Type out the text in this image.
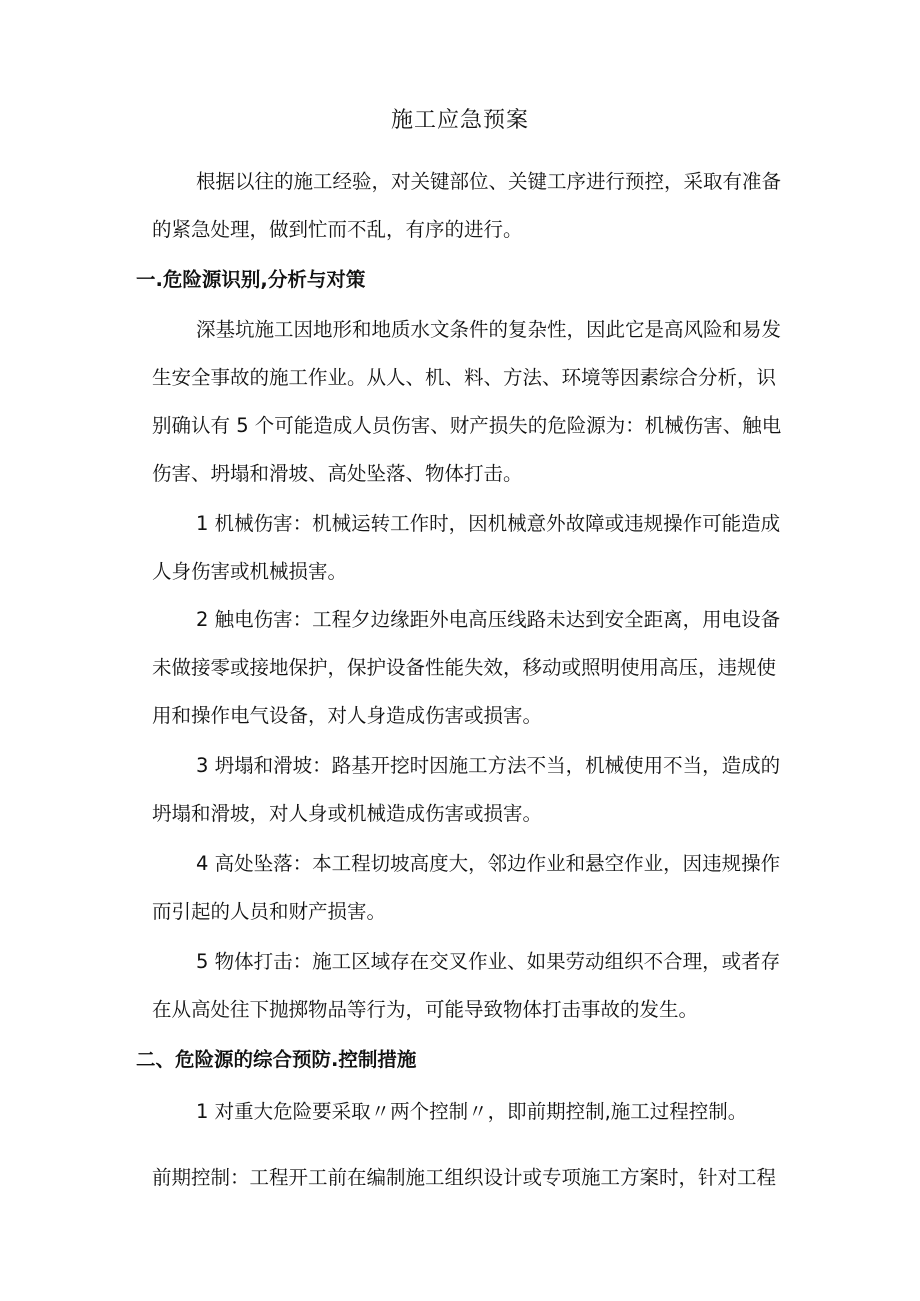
施工应急预案

根据以往的施工经验，对关键部位、关键工序进行预控，采取有准备

的紧急处理，做到忙而不乱，有序的进行。

一.危险源识别,分析与对策

深基坑施工因地形和地质水文条件的复杂性，因此它是高风险和易发

生安全事故的施工作业。从人、机、料、方法、环境等因素综合分析，识

别确认有 5 个可能造成人员伤害、财产损失的危险源为：机械伤害、触电

伤害、坍塌和滑坡、高处坠落、物体打击。

1 机械伤害：机械运转工作时，因机械意外故障或违规操作可能造成

人身伤害或机械损害。

2 触电伤害：工程夕边缘距外电高压线路未达到安全距离，用电设备

未做接零或接地保护，保护设备性能失效，移动或照明使用高压，违规使

用和操作电气设备，对人身造成伤害或损害。

3 坍塌和滑坡：路基开挖时因施工方法不当，机械使用不当，造成的

坍塌和滑坡，对人身或机械造成伤害或损害。

4 高处坠落：本工程切坡高度大，邻边作业和悬空作业，因违规操作

而引起的人员和财产损害。

5 物体打击：施工区域存在交叉作业、如果劳动组织不合理，或者存

在从高处往下抛掷物品等行为，可能导致物体打击事故的发生。

二、危险源的综合预防.控制措施

1 对重大危险要采取〃两个控制〃，即前期控制,施工过程控制。

前期控制：工程开工前在编制施工组织设计或专项施工方案时，针对工程
